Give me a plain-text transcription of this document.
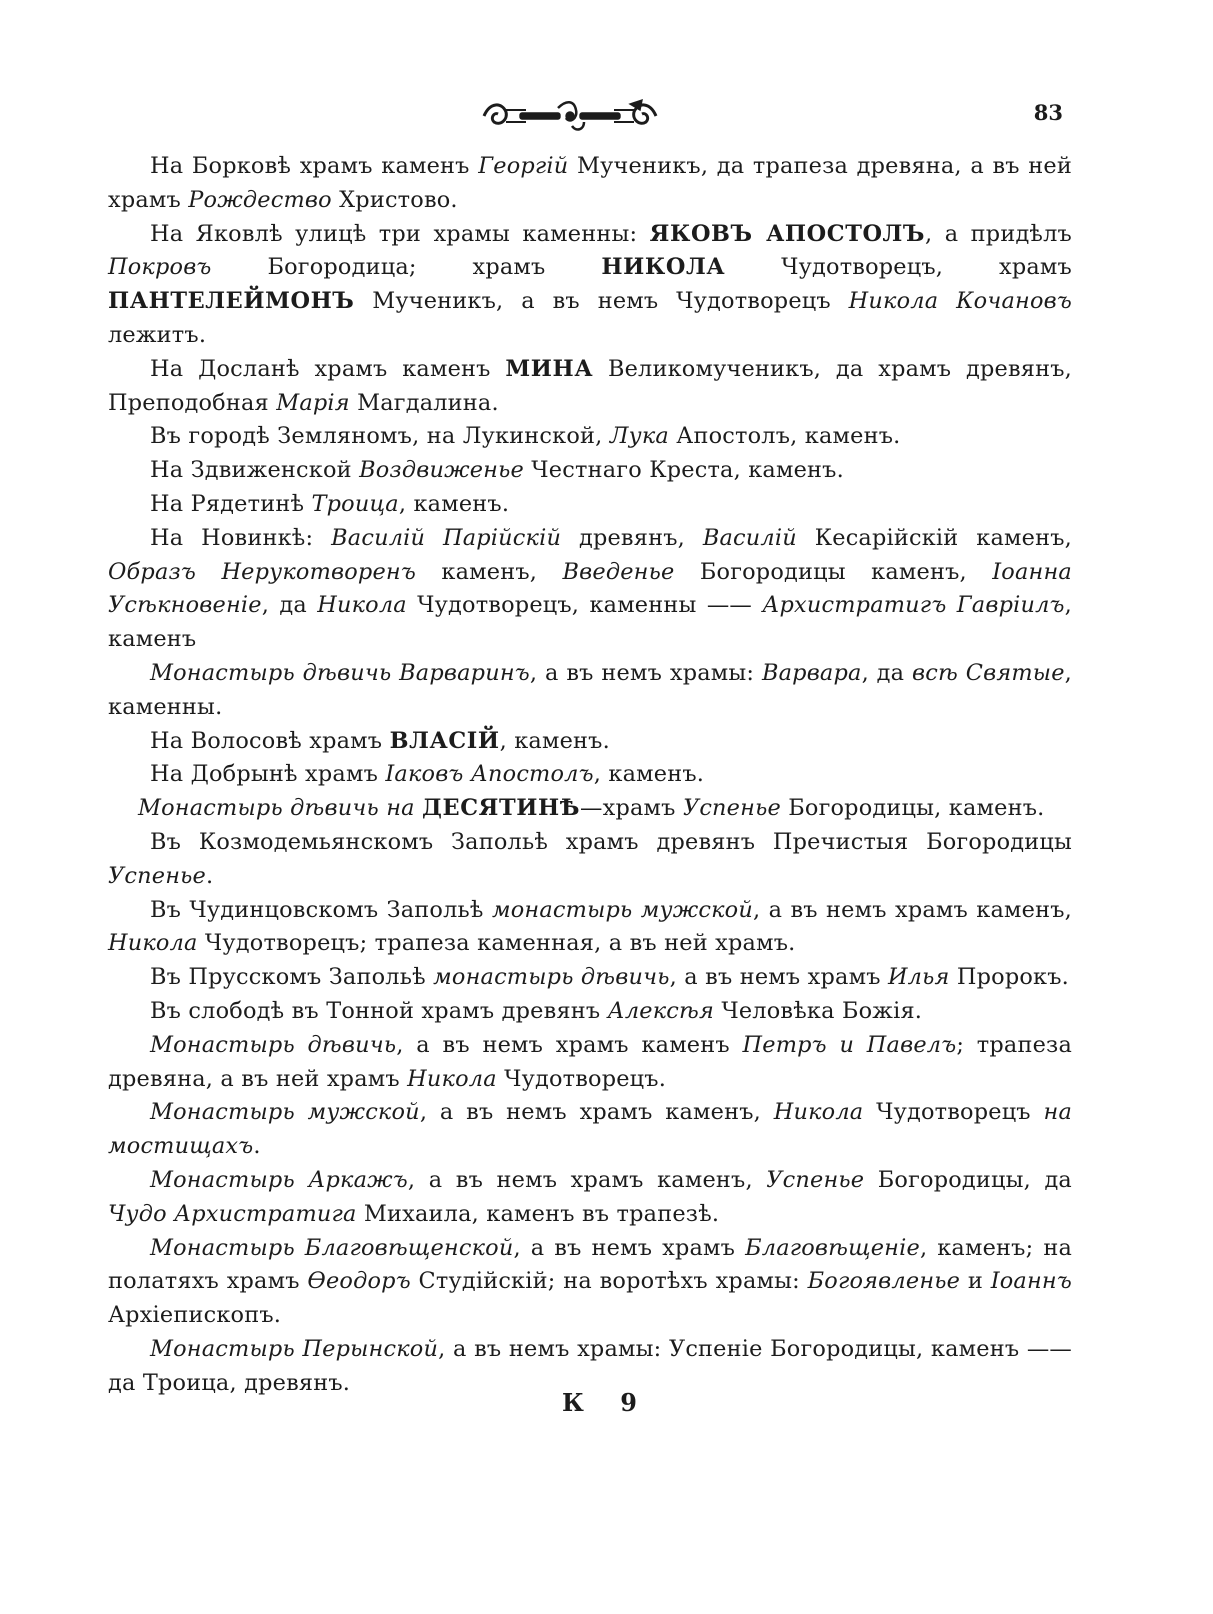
83

На Борковѣ храмъ каменъ Георгій Мученикъ, да трапеза древяна, а въ ней храмъ Рождество Христово.

На Яковлѣ улицѣ три храмы каменны: ЯКОВЪ АПОСТОЛЪ, а придѣлъ Покровъ Богородица; храмъ НИКОЛА Чудотворецъ, храмъ ПАНТЕЛЕЙМОНЪ Мученикъ, а въ немъ Чудотворецъ Никола Кочановъ лежитъ.

На Досланѣ храмъ каменъ МИНА Великомученикъ, да храмъ древянъ, Преподобная Марія Магдалина.

Въ городѣ Земляномъ, на Лукинской, Лука Апостолъ, каменъ.

На Здвиженской Воздвиженье Честнаго Креста, каменъ.

На Рядетинѣ Троица, каменъ.

На Новинкѣ: Василій Парійскій древянъ, Василій Кесарійскій каменъ, Образъ Нерукотворенъ каменъ, Введенье Богородицы каменъ, Іоанна Усѣкновеніе, да Никола Чудотворецъ, каменны —— Архистратигъ Гавріилъ, каменъ

Монастырь дѣвичь Варваринъ, а въ немъ храмы: Варвара, да всѣ Святые, каменны.

На Волосовѣ храмъ ВЛАСІЙ, каменъ.

На Добрынѣ храмъ Іаковъ Апостолъ, каменъ.

Монастырь дѣвичь на ДЕСЯТИНѢ—храмъ Успенье Богородицы, каменъ.

Въ Козмодемьянскомъ Запольѣ храмъ древянъ Пречистыя Богородицы Успенье.

Въ Чудинцовскомъ Запольѣ монастырь мужской, а въ немъ храмъ каменъ, Никола Чудотворецъ; трапеза каменная, а въ ней храмъ.

Въ Прусскомъ Запольѣ монастырь дѣвичь, а въ немъ храмъ Илья Пророкъ.

Въ слободѣ въ Тонной храмъ древянъ Алексѣя Человѣка Божія.

Монастырь дѣвичь, а въ немъ храмъ каменъ Петръ и Павелъ; трапеза древяна, а въ ней храмъ Никола Чудотворецъ.

Монастырь мужской, а въ немъ храмъ каменъ, Никола Чудотворецъ на мостищахъ.

Монастырь Аркажъ, а въ немъ храмъ каменъ, Успенье Богородицы, да Чудо Архистратига Михаила, каменъ въ трапезѣ.

Монастырь Благовѣщенской, а въ немъ храмъ Благовѣщеніе, каменъ; на полатяхъ храмъ Ѳеодоръ Студійскій; на воротѣхъ храмы: Богоявленье и Іоаннъ Архіепископъ.

Монастырь Перынской, а въ немъ храмы: Успеніе Богородицы, каменъ —— да Троица, древянъ.

К 9
